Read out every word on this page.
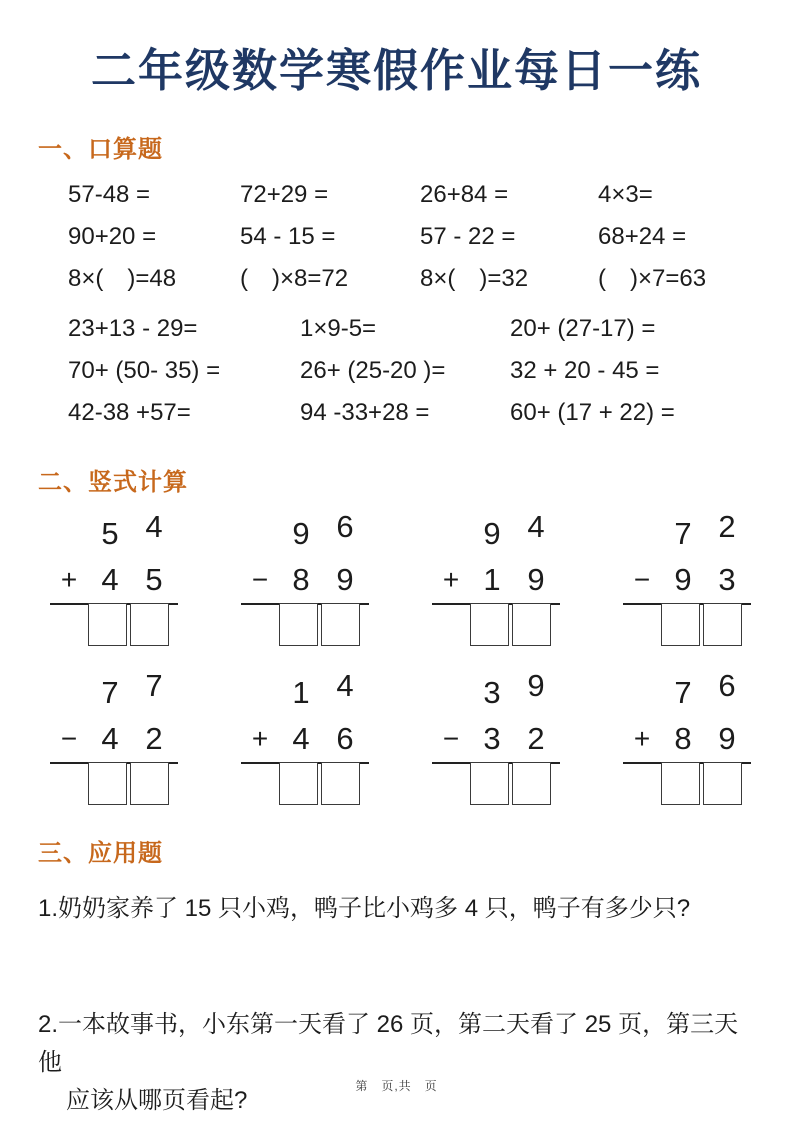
二年级数学寒假作业每日一练
一、口算题
57-48 =	72+29 =	26+84 =	4×3=
90+20 =	54 - 15 =	57 - 22 =	68+24 =
8×(　)=48	(　)×8=72	8×(　)=32	(　)×7=63
23+13 - 29=	1×9-5=	20+ (27-17) =
70+ (50- 35) =	26+ (25-20 )=	32 + 20 - 45 =
42-38 +57=	94 -33+28 =	60+ (17 + 22) =
二、竖式计算
5 4
+ 4 5
9 6
− 8 9
9 4
+ 1 9
7 2
− 9 3
7 7
− 4 2
1 4
+ 4 6
3 9
− 3 2
7 6
+ 8 9
三、应用题
1.奶奶家养了 15 只小鸡，鸭子比小鸡多 4 只，鸭子有多少只?
2.一本故事书，小东第一天看了 26 页，第二天看了 25 页，第三天他
应该从哪页看起?
第　页,共　页
